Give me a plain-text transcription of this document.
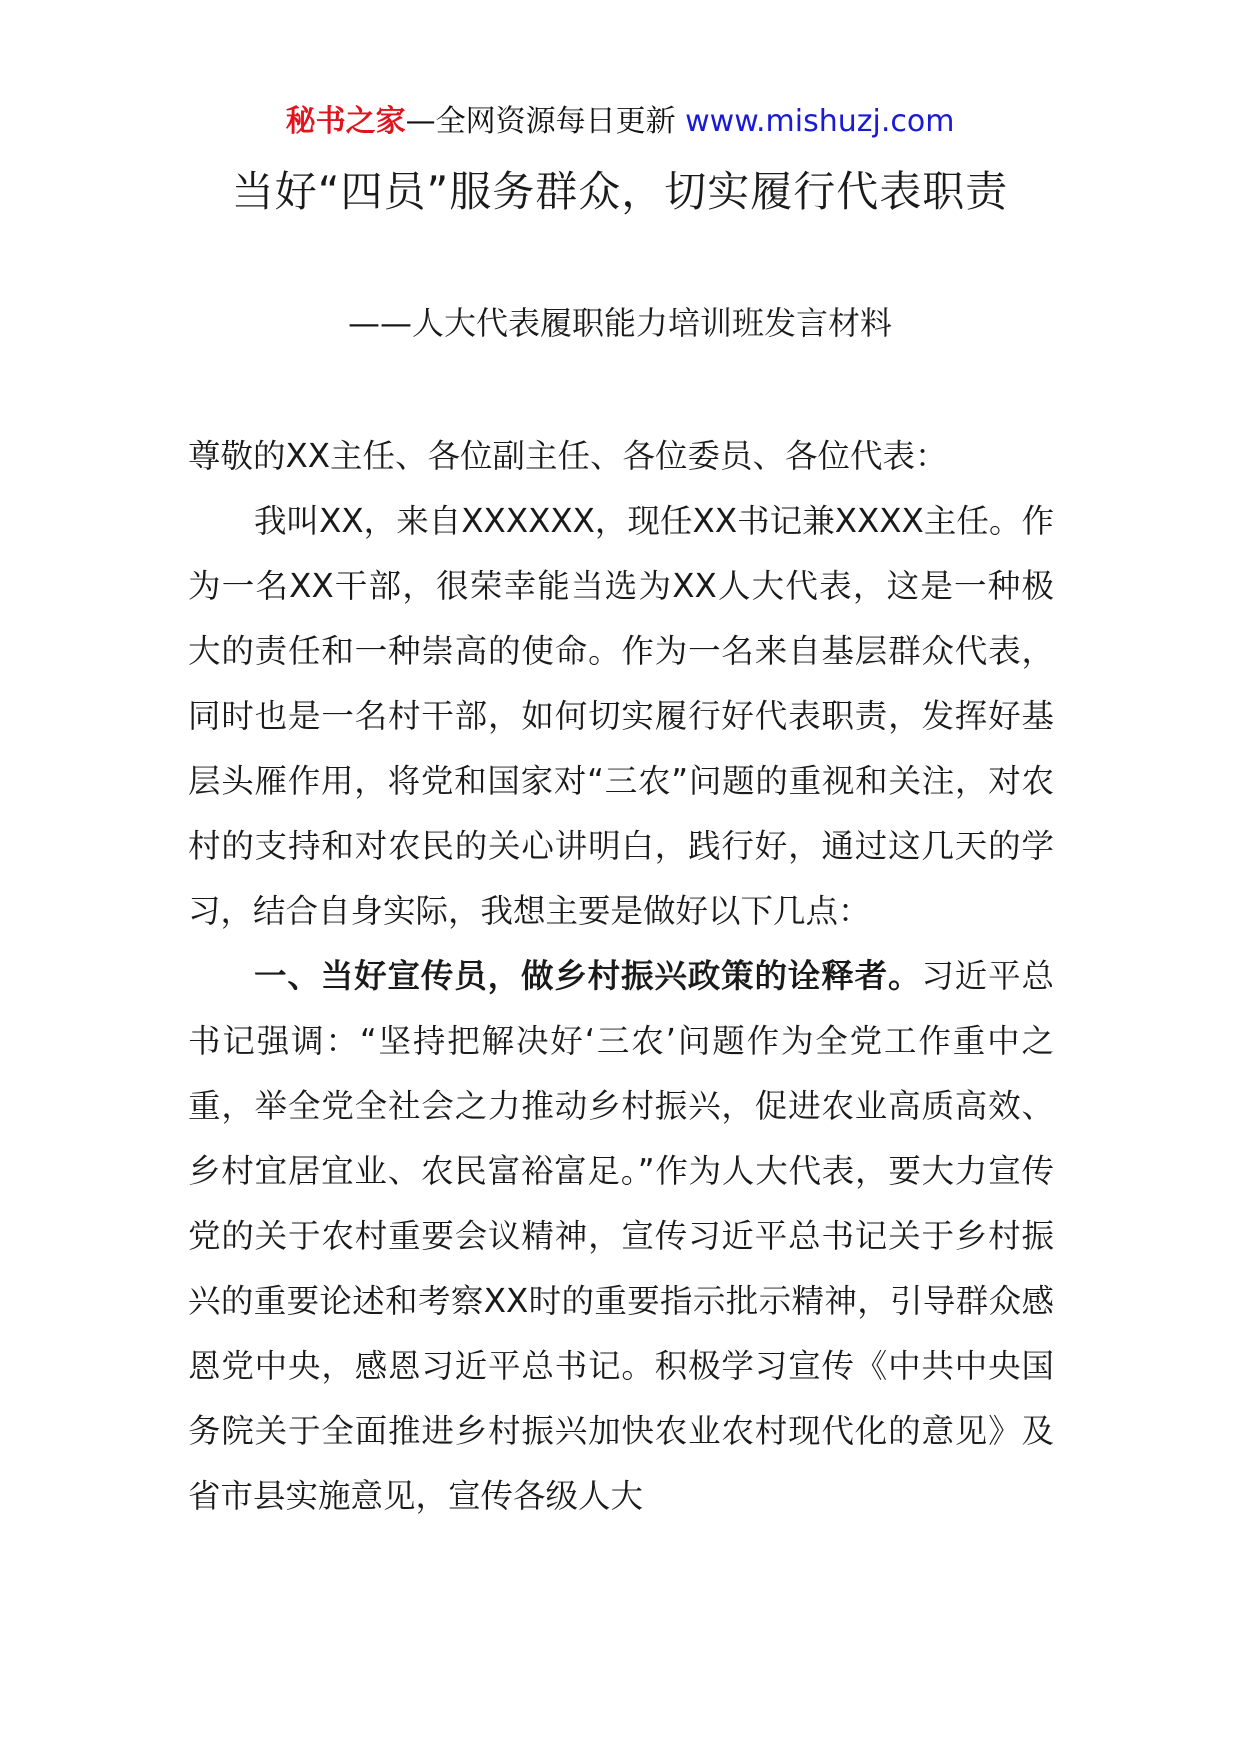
秘书之家—全网资源每日更新 www.mishuzj.com
当好“四员”服务群众，切实履行代表职责
——人大代表履职能力培训班发言材料

尊敬的XX主任、各位副主任、各位委员、各位代表：

我叫XX，来自XXXXXX，现任XX书记兼XXXX主任。作为一名XX干部，很荣幸能当选为XX人大代表，这是一种极大的责任和一种崇高的使命。作为一名来自基层群众代表，同时也是一名村干部，如何切实履行好代表职责，发挥好基层头雁作用，将党和国家对“三农”问题的重视和关注，对农村的支持和对农民的关心讲明白，践行好，通过这几天的学习，结合自身实际，我想主要是做好以下几点：

一、当好宣传员，做乡村振兴政策的诠释者。习近平总书记强调：“坚持把解决好‘三农’问题作为全党工作重中之重，举全党全社会之力推动乡村振兴，促进农业高质高效、乡村宜居宜业、农民富裕富足。”作为人大代表，要大力宣传党的关于农村重要会议精神，宣传习近平总书记关于乡村振兴的重要论述和考察XX时的重要指示批示精神，引导群众感恩党中央，感恩习近平总书记。积极学习宣传《中共中央国务院关于全面推进乡村振兴加快农业农村现代化的意见》及省市县实施意见，宣传各级人大
